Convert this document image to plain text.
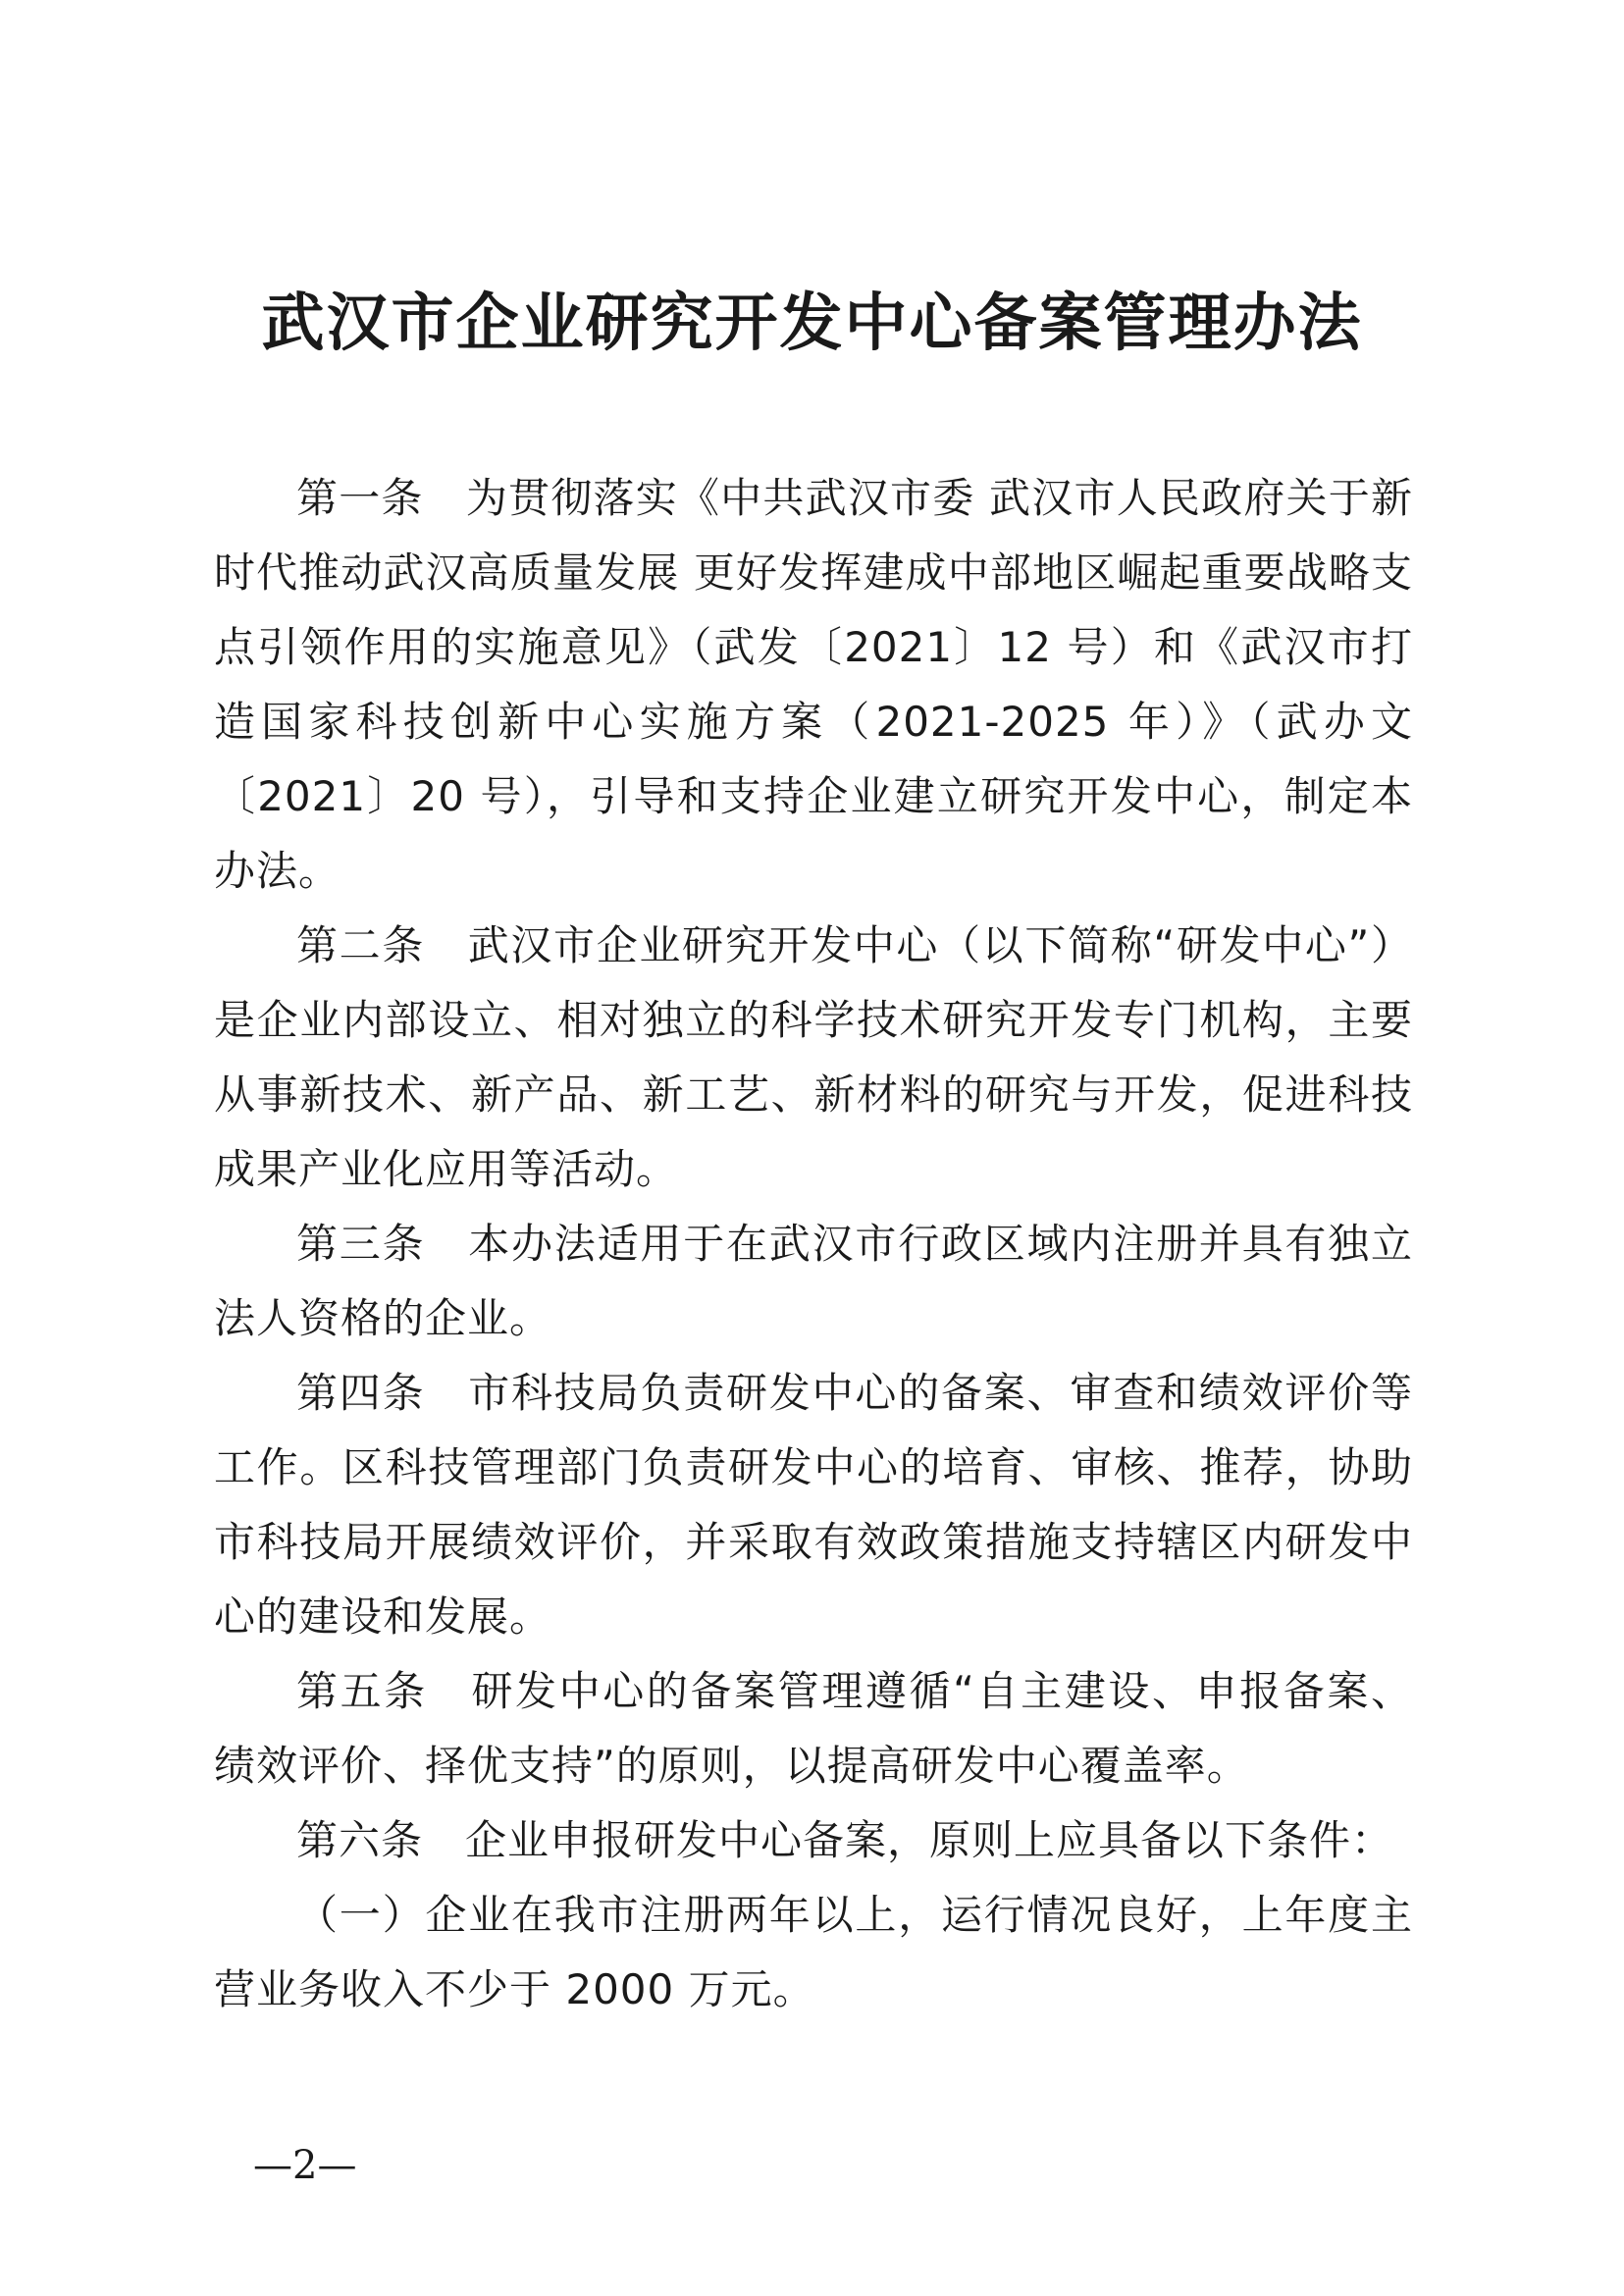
武汉市企业研究开发中心备案管理办法

第一条　为贯彻落实《中共武汉市委 武汉市人民政府关于新时代推动武汉高质量发展 更好发挥建成中部地区崛起重要战略支点引领作用的实施意见》（武发〔2021〕12 号）和《武汉市打造国家科技创新中心实施方案（2021-2025 年）》（武办文〔2021〕20 号），引导和支持企业建立研究开发中心，制定本办法。

第二条　武汉市企业研究开发中心（以下简称“研发中心”）是企业内部设立、相对独立的科学技术研究开发专门机构，主要从事新技术、新产品、新工艺、新材料的研究与开发，促进科技成果产业化应用等活动。

第三条　本办法适用于在武汉市行政区域内注册并具有独立法人资格的企业。

第四条　市科技局负责研发中心的备案、审查和绩效评价等工作。区科技管理部门负责研发中心的培育、审核、推荐，协助市科技局开展绩效评价，并采取有效政策措施支持辖区内研发中心的建设和发展。

第五条　研发中心的备案管理遵循“自主建设、申报备案、绩效评价、择优支持”的原则，以提高研发中心覆盖率。

第六条　企业申报研发中心备案，原则上应具备以下条件：

（一）企业在我市注册两年以上，运行情况良好，上年度主营业务收入不少于 2000 万元。

—2—
